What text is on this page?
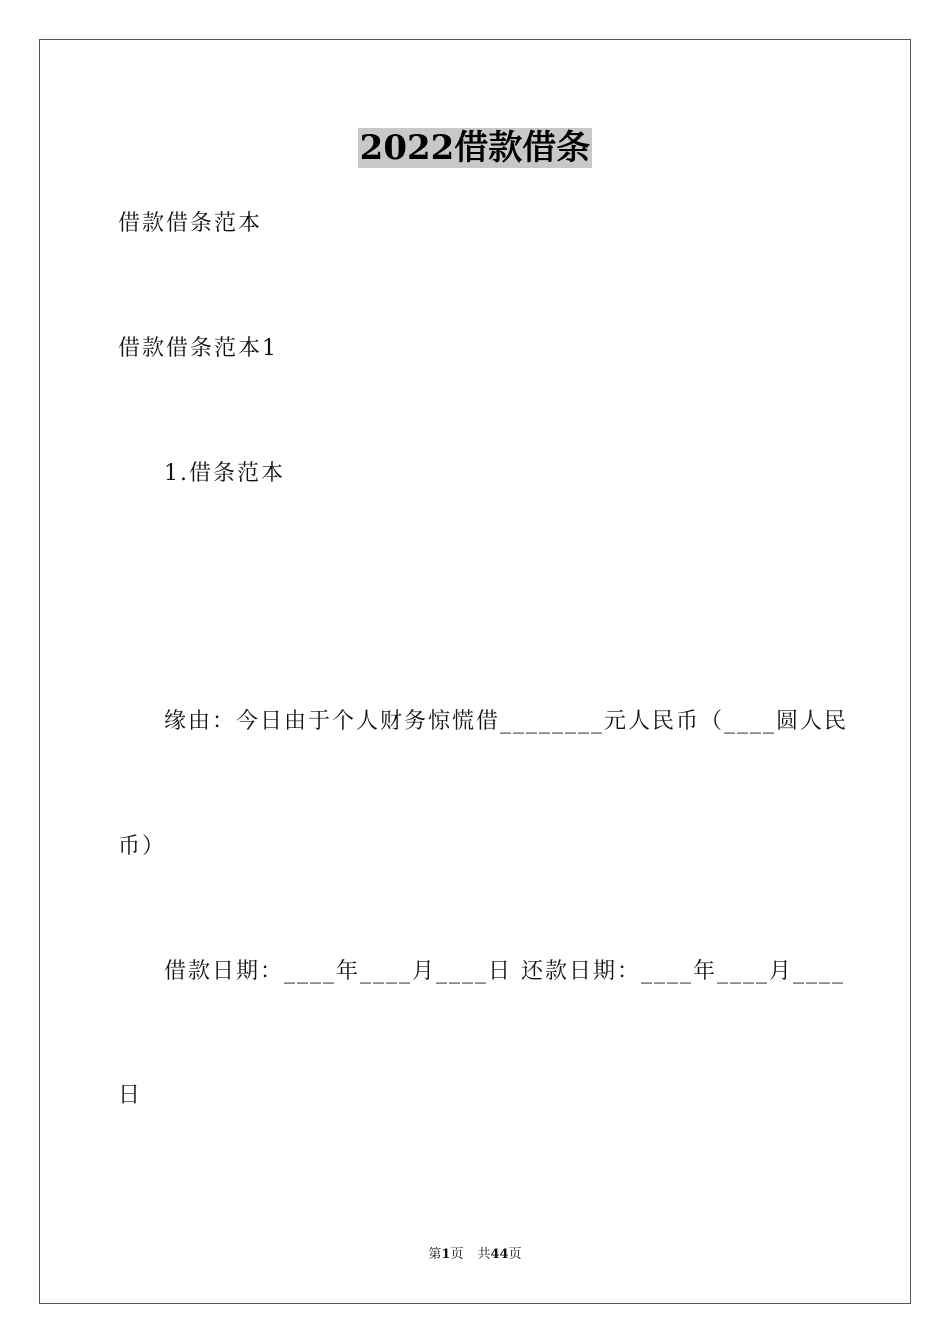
2022借款借条
借款借条范本
借款借条范本1
1.借条范本
缘由：今日由于个人财务惊慌借________元人民币（____圆人民
币）
借款日期：____年____月____日 还款日期：____年____月____
日
第1页 共44页
